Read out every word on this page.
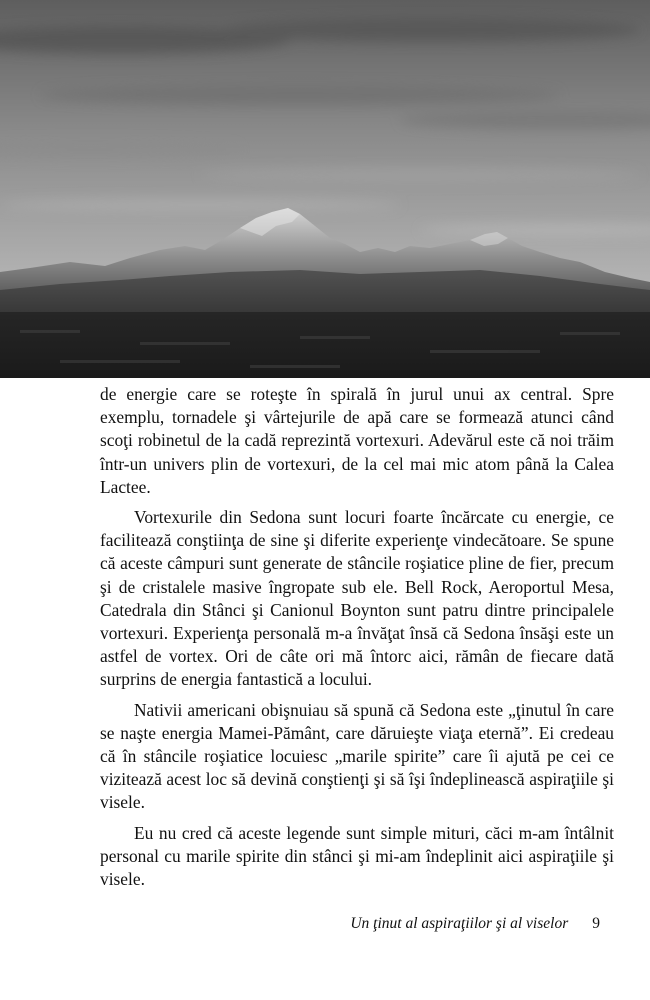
de energie care se roteşte în spirală în jurul unui ax central. Spre exemplu, tornadele şi vârtejurile de apă care se formează atunci când scoţi robinetul de la cadă reprezintă vortexuri. Adevărul este că noi trăim într-un univers plin de vortexuri, de la cel mai mic atom până la Calea Lactee.

Vortexurile din Sedona sunt locuri foarte încărcate cu energie, ce facilitează conştiinţa de sine şi diferite experienţe vindecătoare. Se spune că aceste câmpuri sunt generate de stâncile roşiatice pline de fier, precum şi de cristalele masive îngropate sub ele. Bell Rock, Aeroportul Mesa, Catedrala din Stânci şi Canionul Boynton sunt patru dintre principalele vortexuri. Experienţa personală m-a învăţat însă că Sedona însăşi este un astfel de vortex. Ori de câte ori mă întorc aici, rămân de fiecare dată surprins de energia fantastică a locului.

Nativii americani obişnuiau să spună că Sedona este „ţinutul în care se naşte energia Mamei-Pământ, care dăruieşte viaţa eternă”. Ei credeau că în stâncile roşiatice locuiesc „marile spirite” care îi ajută pe cei ce vizitează acest loc să devină conştienţi şi să îşi îndeplinească aspiraţiile şi visele.

Eu nu cred că aceste legende sunt simple mituri, căci m-am întâlnit personal cu marile spirite din stânci şi mi-am îndeplinit aici aspiraţiile şi visele.

Un ţinut al aspiraţiilor şi al viselor 9
